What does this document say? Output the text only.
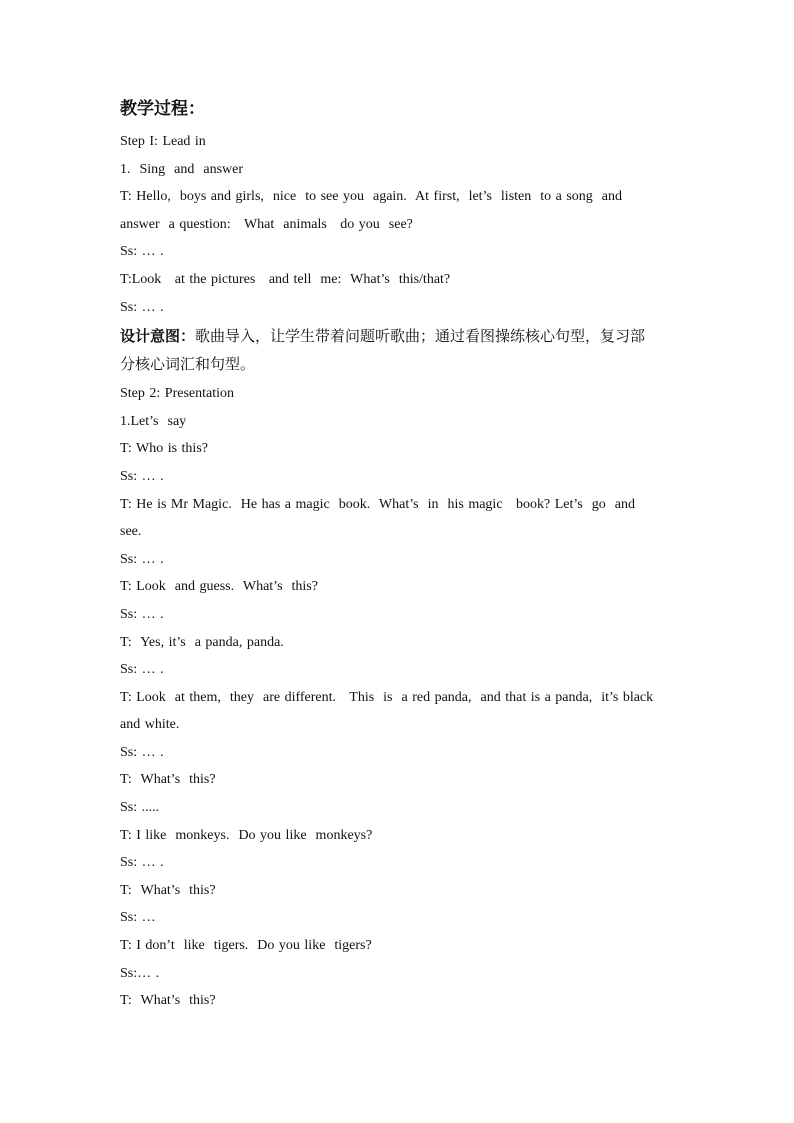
教学过程：
Step I: Lead in
1.  Sing  and  answer
T: Hello,  boys and girls,  nice  to see you  again.  At first,  let’s  listen  to a song  and
answer  a question:   What  animals   do you  see?
Ss: … .
T:Look   at the pictures   and tell  me:  What’s  this/that?
Ss: … .
设计意图：歌曲导入，让学生带着问题听歌曲；通过看图操练核心句型，复习部
分核心词汇和句型。
Step 2: Presentation
1.Let’s  say
T: Who is this?
Ss: … .
T: He is Mr Magic.  He has a magic  book.  What’s  in  his magic   book? Let’s  go  and
see.
Ss: … .
T: Look  and guess.  What’s  this?
Ss: … .
T:  Yes, it’s  a panda, panda.
Ss: … .
T: Look  at them,  they  are different.   This  is  a red panda,  and that is a panda,  it’s black
and white.
Ss: … .
T:  What’s  this?
Ss: .....
T: I like  monkeys.  Do you like  monkeys?
Ss: … .
T:  What’s  this?
Ss: …
T: I don’t  like  tigers.  Do you like  tigers?
Ss:… .
T:  What’s  this?
